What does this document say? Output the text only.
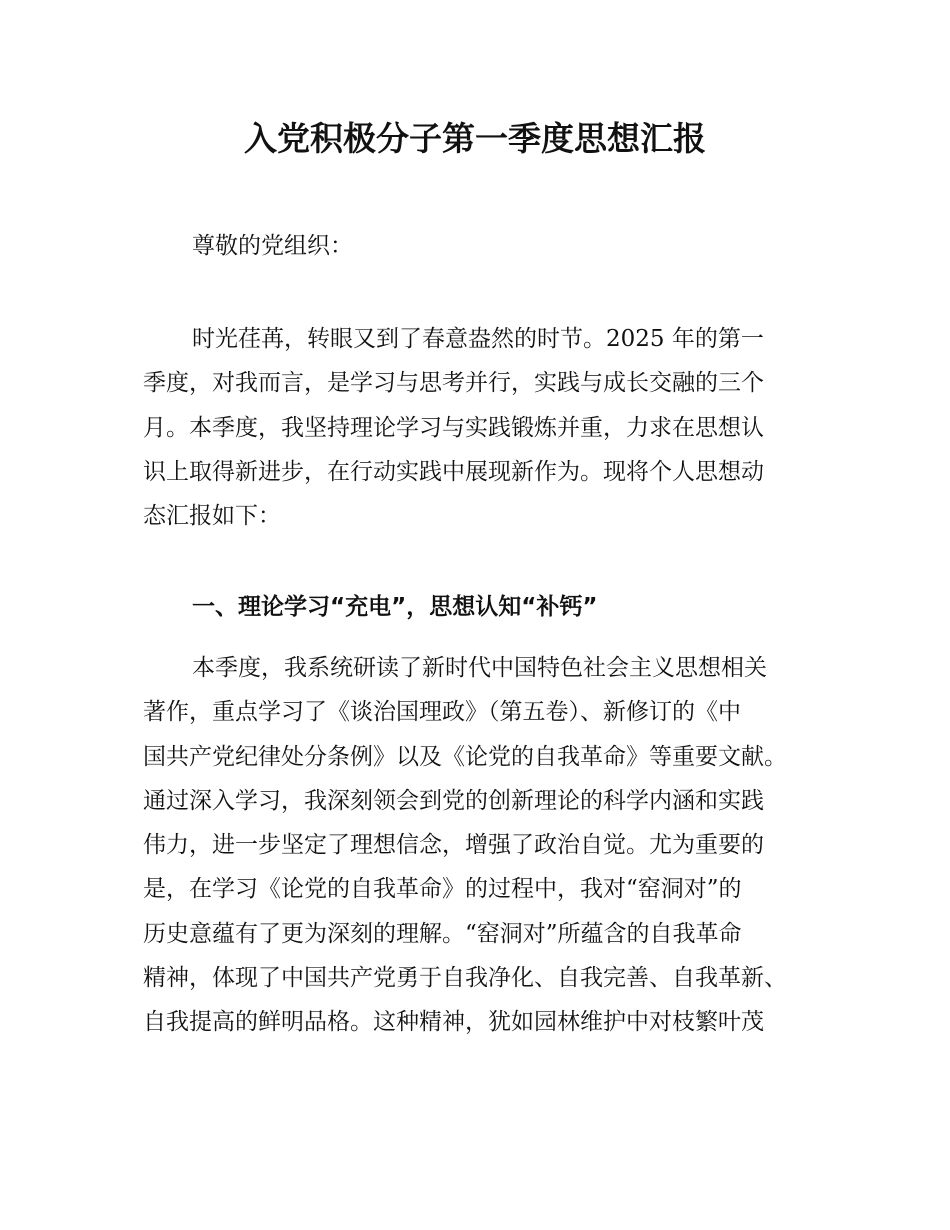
入党积极分子第一季度思想汇报
尊敬的党组织：
时光荏苒，转眼又到了春意盎然的时节。2025 年的第一
季度，对我而言，是学习与思考并行，实践与成长交融的三个
月。本季度，我坚持理论学习与实践锻炼并重，力求在思想认
识上取得新进步，在行动实践中展现新作为。现将个人思想动
态汇报如下：
一、理论学习“充电”，思想认知“补钙”
本季度，我系统研读了新时代中国特色社会主义思想相关
著作，重点学习了《谈治国理政》（第五卷）、新修订的《中
国共产党纪律处分条例》以及《论党的自我革命》等重要文献。
通过深入学习，我深刻领会到党的创新理论的科学内涵和实践
伟力，进一步坚定了理想信念，增强了政治自觉。尤为重要的
是，在学习《论党的自我革命》的过程中，我对“窑洞对”的
历史意蕴有了更为深刻的理解。“窑洞对”所蕴含的自我革命
精神，体现了中国共产党勇于自我净化、自我完善、自我革新、
自我提高的鲜明品格。这种精神，犹如园林维护中对枝繁叶茂
